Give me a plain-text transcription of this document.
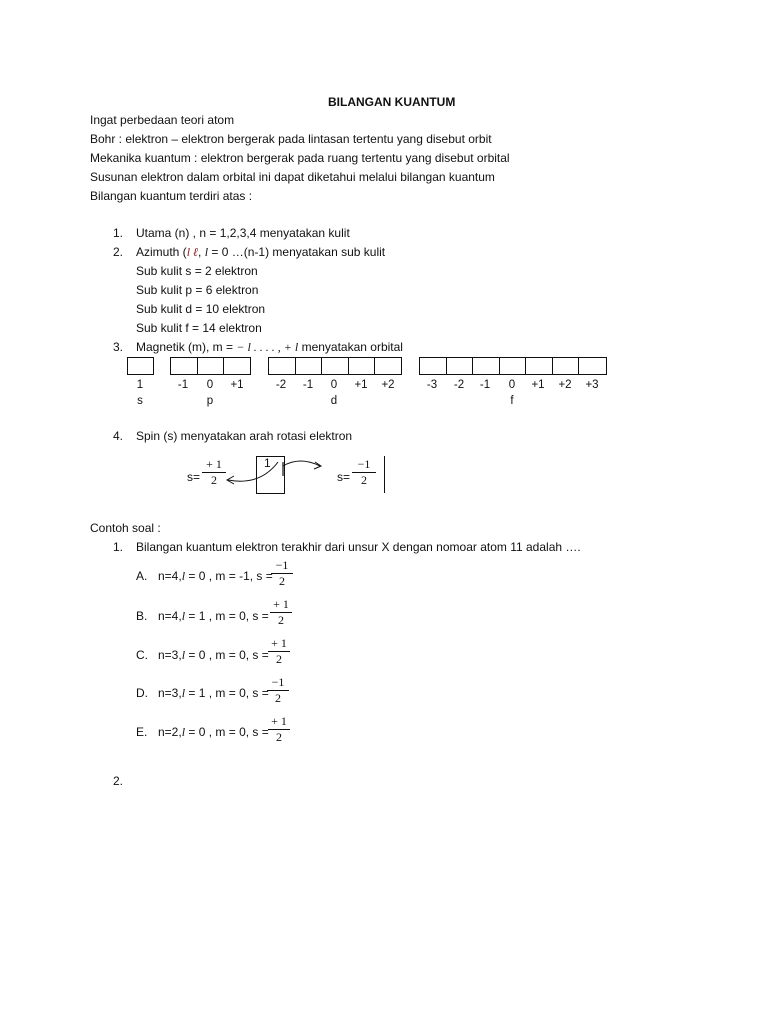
BILANGAN KUANTUM
Ingat perbedaan teori atom
Bohr : elektron – elektron bergerak pada lintasan tertentu yang disebut orbit
Mekanika kuantum : elektron bergerak pada ruang tertentu yang disebut orbital
Susunan elektron dalam orbital ini dapat diketahui melalui bilangan kuantum
Bilangan kuantum terdiri atas :
1. Utama (n) , n = 1,2,3,4 menyatakan kulit
2. Azimuth (l ℓ, l = 0 …(n-1) menyatakan sub kulit
Sub kulit s = 2 elektron
Sub kulit p = 6 elektron
Sub kulit d = 10 elektron
Sub kulit f = 14 elektron
3. Magnetik (m), m = − l . . . . , + l menyatakan orbital
1	-1	0	+1	-2	-1	0	+1	+2	-3	-2	-1	0	+1	+2	+3
s	p	d	f
4. Spin (s) menyatakan arah rotasi elektron
s=
+ 1
2
1
s=
−1
2
Contoh soal :
1. Bilangan kuantum elektron terakhir dari unsur X dengan nomoar atom 11 adalah ….
A. n=4,l = 0 , m = -1, s =
−1
2
B. n=4,l = 1 , m = 0, s =
+ 1
2
C. n=3,l = 0 , m = 0, s =
+ 1
2
D. n=3,l = 1 , m = 0, s =
−1
2
E. n=2,l = 0 , m = 0, s =
+ 1
2
2.
